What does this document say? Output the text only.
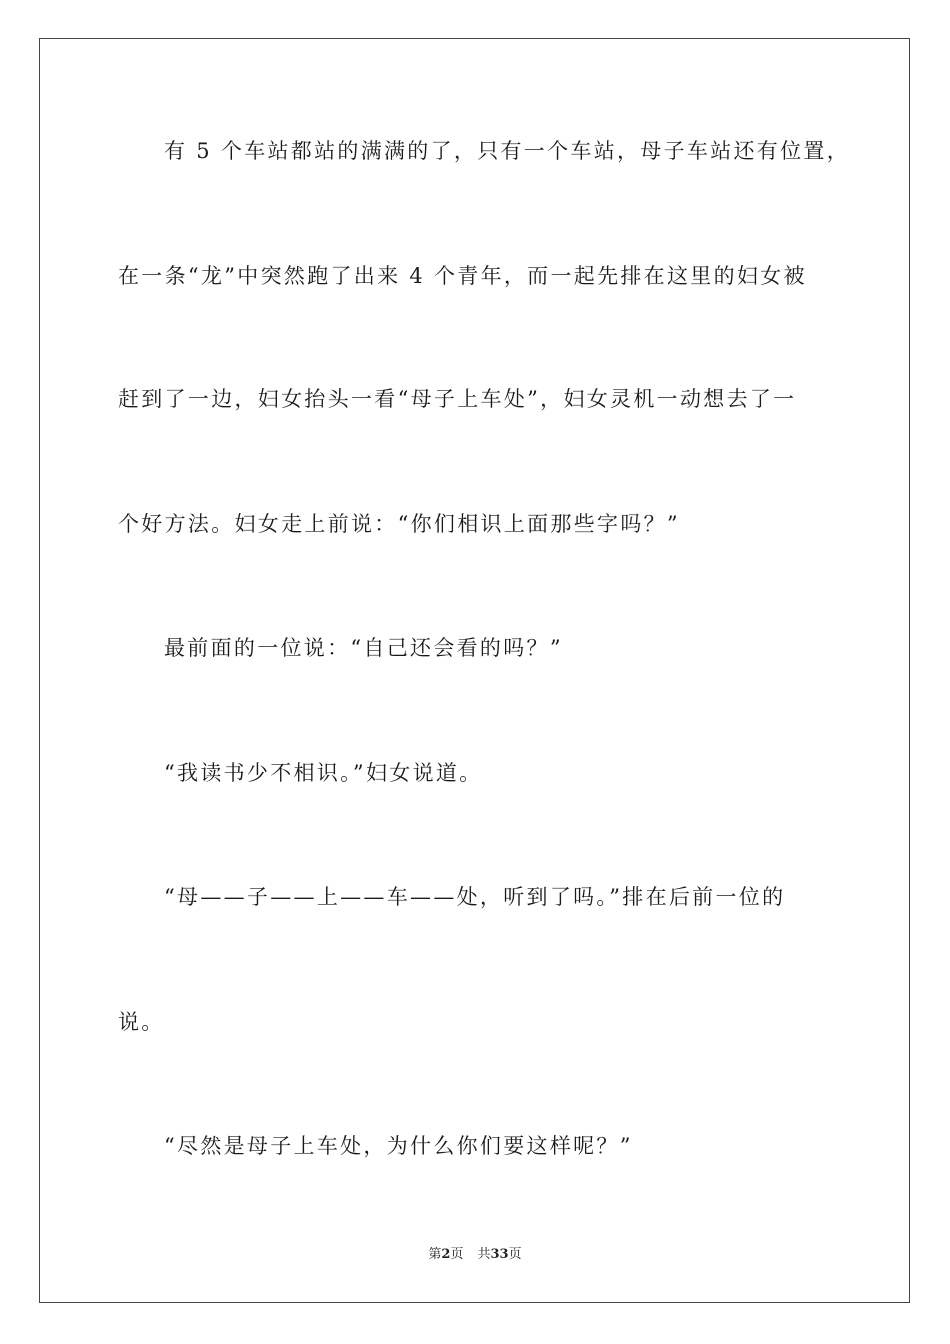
有 5 个车站都站的满满的了，只有一个车站，母子车站还有位置，

在一条“龙”中突然跑了出来 4 个青年，而一起先排在这里的妇女被

赶到了一边，妇女抬头一看“母子上车处”，妇女灵机一动想去了一

个好方法。妇女走上前说：“你们相识上面那些字吗？”

最前面的一位说：“自己还会看的吗？”

“我读书少不相识。”妇女说道。

“母——子——上——车——处，听到了吗。”排在后前一位的

说。

“尽然是母子上车处，为什么你们要这样呢？”

第2页 共33页
